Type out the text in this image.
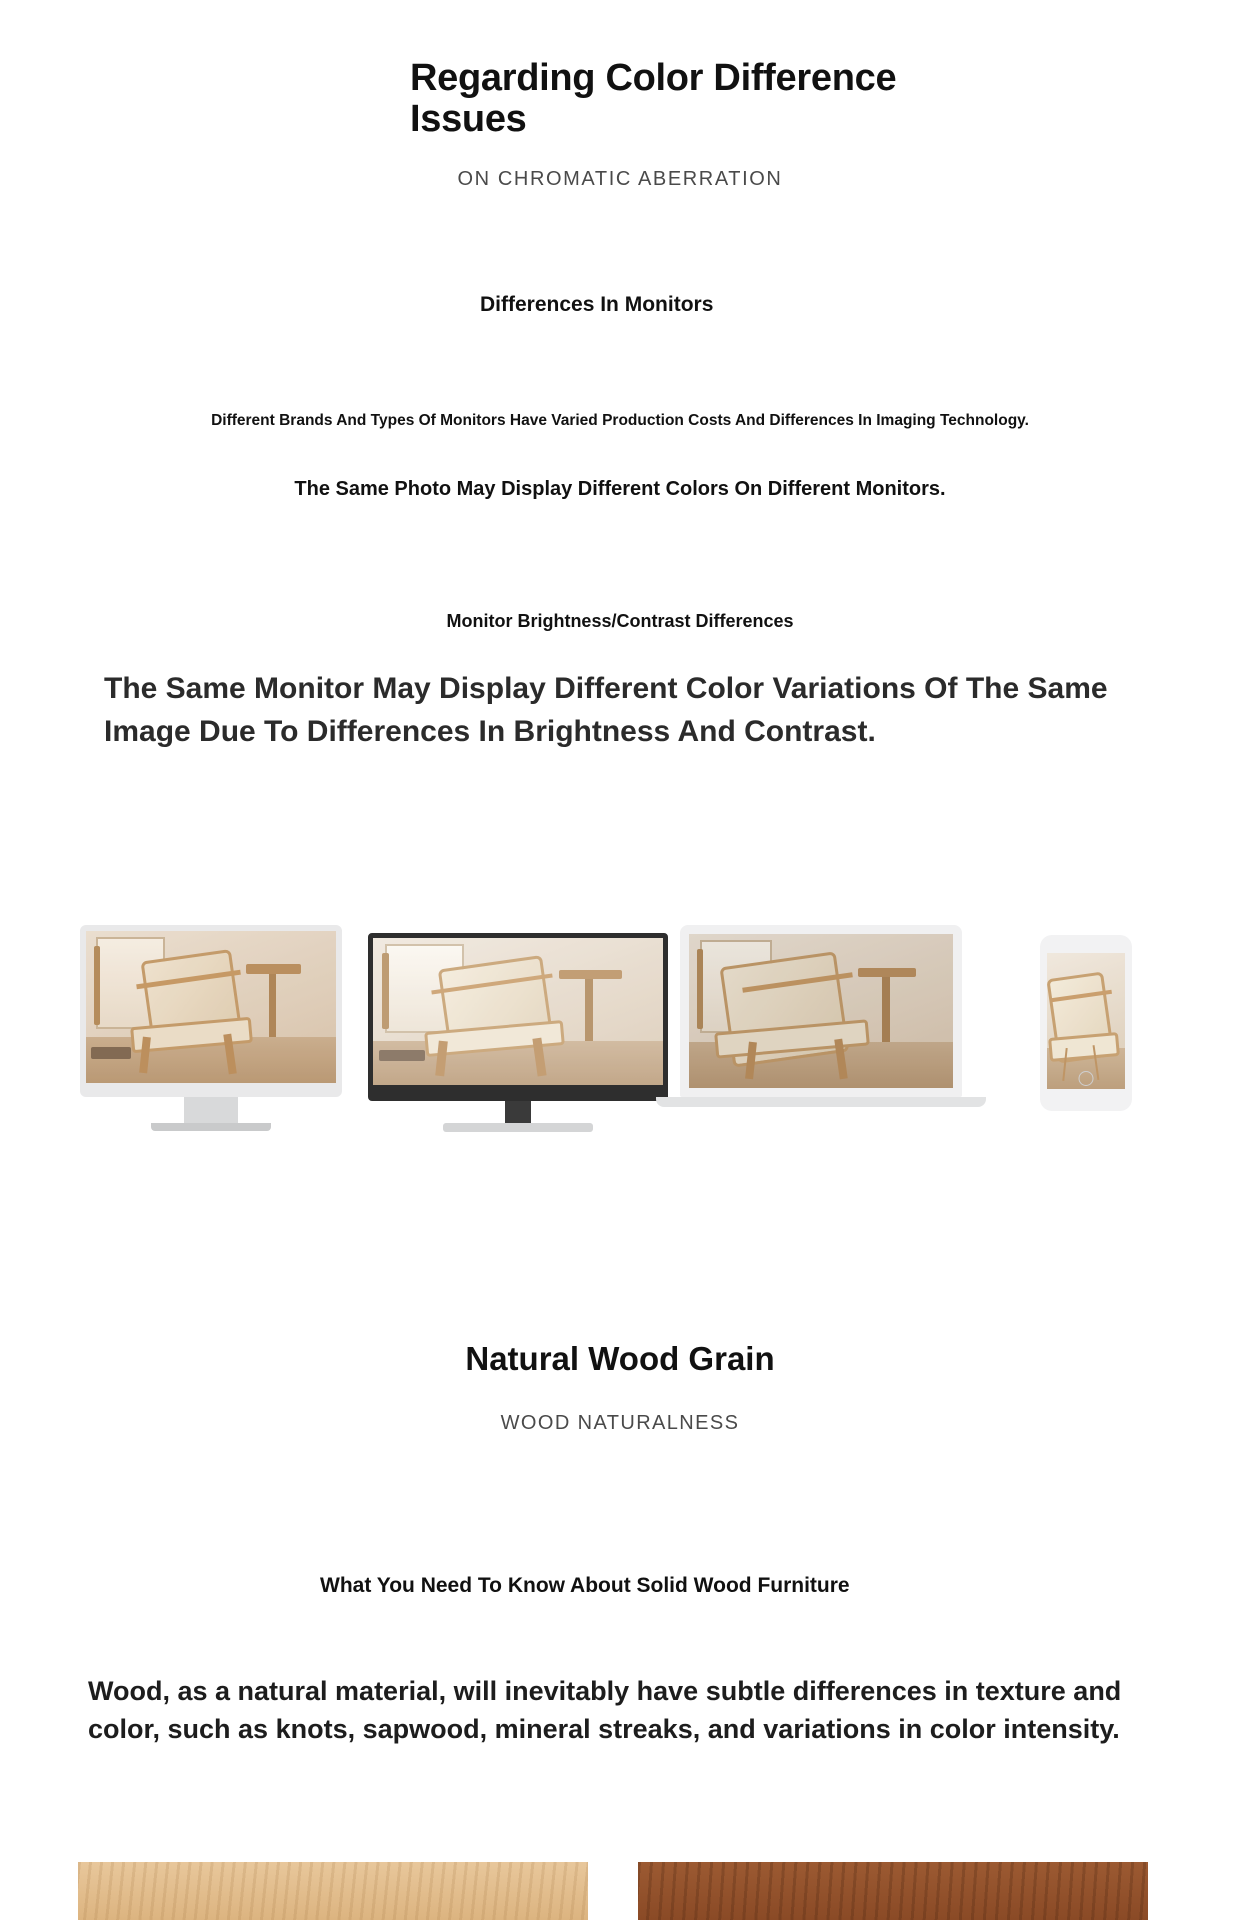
Regarding Color Difference Issues
ON CHROMATIC ABERRATION
Differences In Monitors
Different Brands And Types Of Monitors Have Varied Production Costs And Differences In Imaging Technology.
The Same Photo May Display Different Colors On Different Monitors.
Monitor Brightness/Contrast Differences
The Same Monitor May Display Different Color Variations Of The Same Image Due To Differences In Brightness And Contrast.
Natural Wood Grain
WOOD NATURALNESS
What You Need To Know About Solid Wood Furniture
Wood, as a natural material, will inevitably have subtle differences in texture and color, such as knots, sapwood, mineral streaks, and variations in color intensity.
